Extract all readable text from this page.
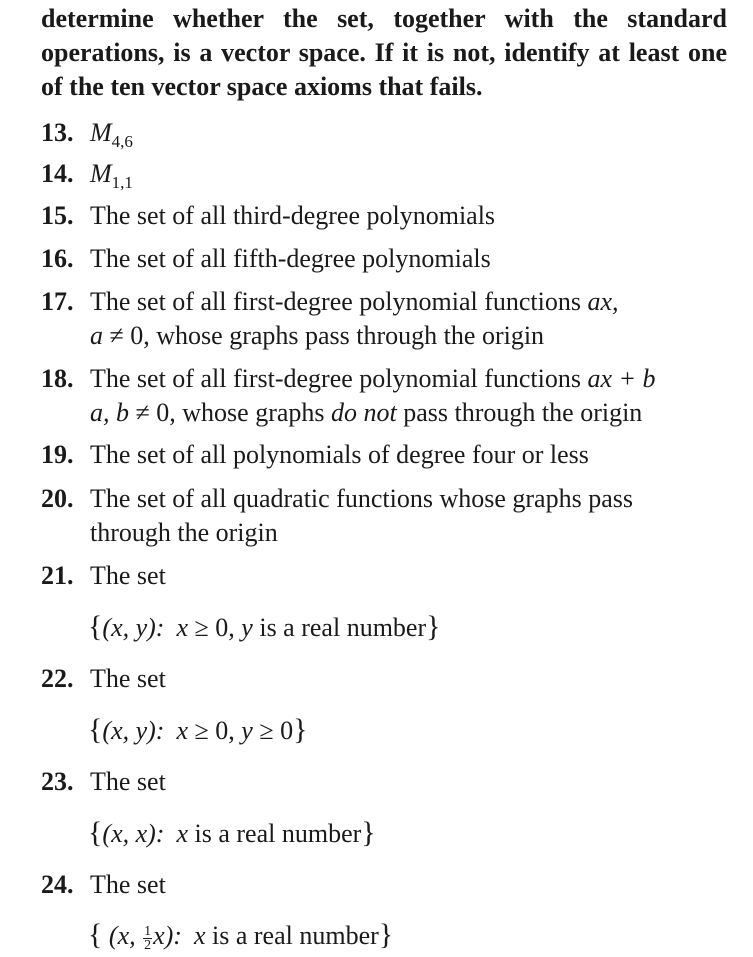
determine whether the set, together with the standard operations, is a vector space. If it is not, identify at least one of the ten vector space axioms that fails.
13. $M_{4,6}$
14. $M_{1,1}$
15. The set of all third-degree polynomials
16. The set of all fifth-degree polynomials
17. The set of all first-degree polynomial functions ax,
a ≠ 0, whose graphs pass through the origin
18. The set of all first-degree polynomial functions ax + b
a, b ≠ 0, whose graphs do not pass through the origin
19. The set of all polynomials of degree four or less
20. The set of all quadratic functions whose graphs pass
through the origin
21. The set
{(x, y): x ≥ 0, y is a real number}
22. The set
{(x, y): x ≥ 0, y ≥ 0}
23. The set
{(x, x): x is a real number}
24. The set
{ (x, $\frac{1}{2} x$): x is a real number}
